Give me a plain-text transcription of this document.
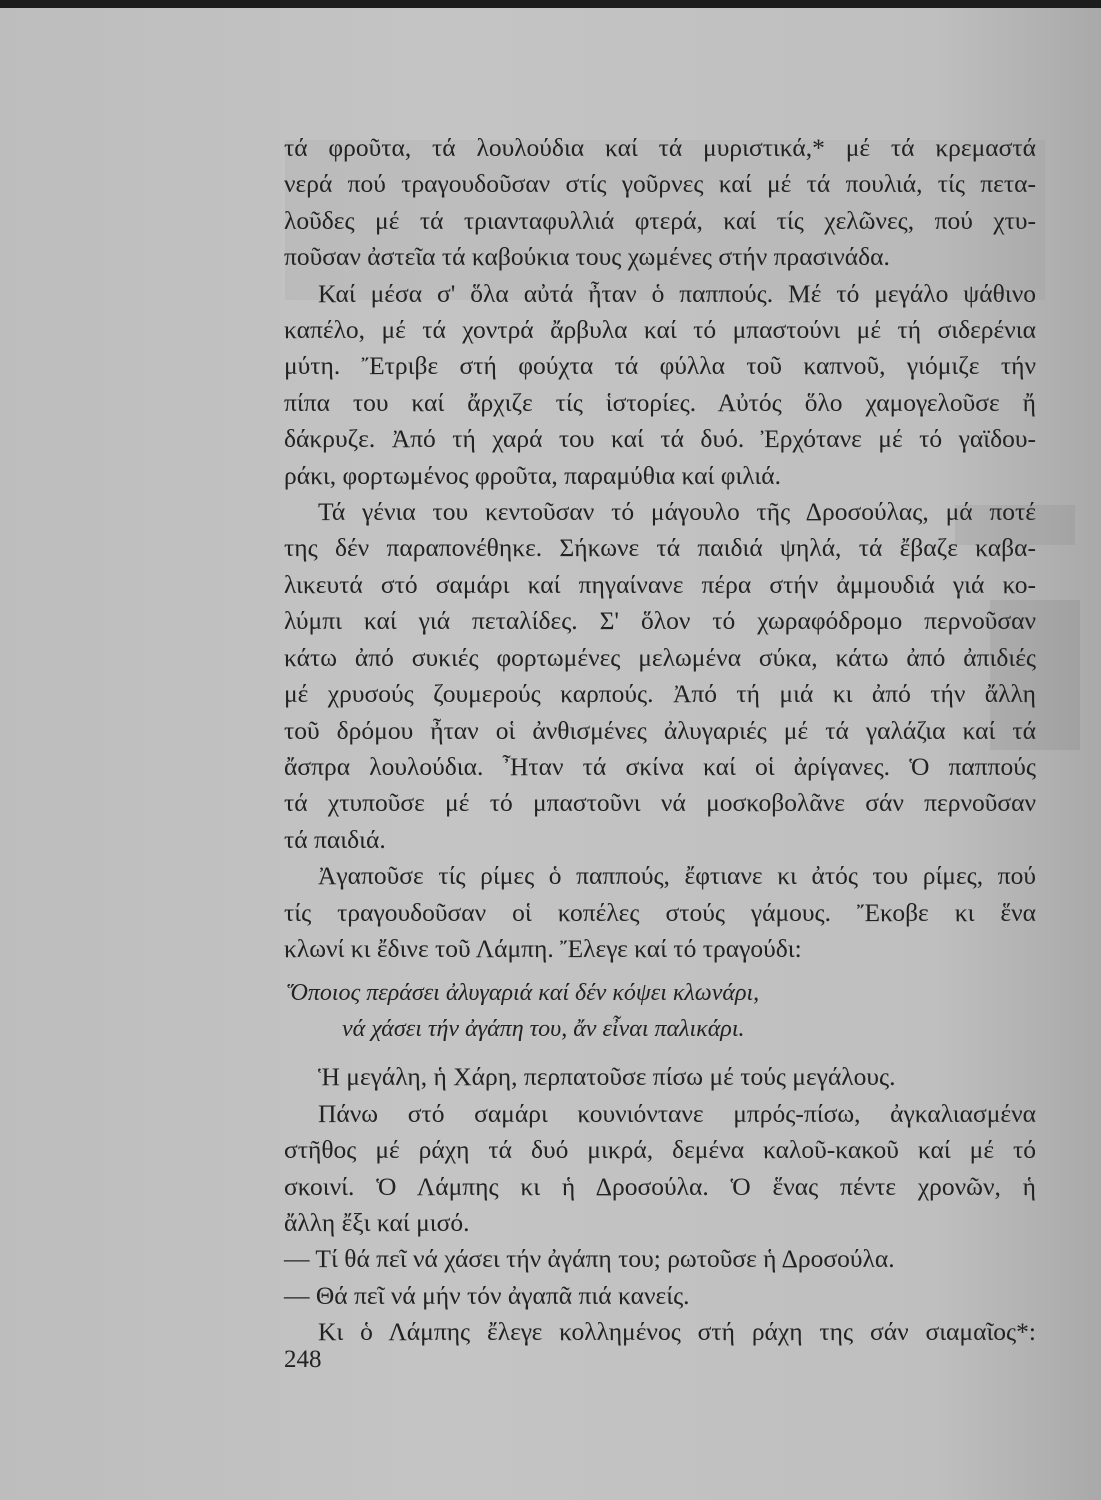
τά φροῦτα, τά λουλούδια καί τά μυριστικά,* μέ τά κρεμαστά
νερά πού τραγουδοῦσαν στίς γοῦρνες καί μέ τά πουλιά, τίς πετα-
λοῦδες μέ τά τριανταφυλλιά φτερά, καί τίς χελῶνες, πού χτυ-
ποῦσαν ἀστεῖα τά καβούκια τους χωμένες στήν πρασινάδα.
Καί μέσα σ' ὅλα αὐτά ἦταν ὁ παππούς. Μέ τό μεγάλο ψάθινο
καπέλο, μέ τά χοντρά ἄρβυλα καί τό μπαστούνι μέ τή σιδερένια
μύτη. Ἔτριβε στή φούχτα τά φύλλα τοῦ καπνοῦ, γιόμιζε τήν
πίπα του καί ἄρχιζε τίς ἱστορίες. Αὐτός ὅλο χαμογελοῦσε ἤ
δάκρυζε. Ἀπό τή χαρά του καί τά δυό. Ἐρχότανε μέ τό γαϊδου-
ράκι, φορτωμένος φροῦτα, παραμύθια καί φιλιά.
Τά γένια του κεντοῦσαν τό μάγουλο τῆς Δροσούλας, μά ποτέ
της δέν παραπονέθηκε. Σήκωνε τά παιδιά ψηλά, τά ἔβαζε καβα-
λικευτά στό σαμάρι καί πηγαίνανε πέρα στήν ἀμμουδιά γιά κο-
λύμπι καί γιά πεταλίδες. Σ' ὅλον τό χωραφόδρομο περνοῦσαν
κάτω ἀπό συκιές φορτωμένες μελωμένα σύκα, κάτω ἀπό ἀπιδιές
μέ χρυσούς ζουμερούς καρπούς. Ἀπό τή μιά κι ἀπό τήν ἄλλη
τοῦ δρόμου ἦταν οἱ ἀνθισμένες ἀλυγαριές μέ τά γαλάζια καί τά
ἄσπρα λουλούδια. Ἦταν τά σκίνα καί οἱ ἀρίγανες. Ὁ παππούς
τά χτυποῦσε μέ τό μπαστοῦνι νά μοσκοβολᾶνε σάν περνοῦσαν
τά παιδιά.
Ἀγαποῦσε τίς ρίμες ὁ παππούς, ἔφτιανε κι ἀτός του ρίμες, πού
τίς τραγουδοῦσαν οἱ κοπέλες στούς γάμους. Ἔκοβε κι ἕνα
κλωνί κι ἔδινε τοῦ Λάμπη. Ἔλεγε καί τό τραγούδι:
Ὅποιος περάσει ἀλυγαριά καί δέν κόψει κλωνάρι,
νά χάσει τήν ἀγάπη του, ἄν εἶναι παλικάρι.
Ἡ μεγάλη, ἡ Χάρη, περπατοῦσε πίσω μέ τούς μεγάλους.
Πάνω στό σαμάρι κουνιόντανε μπρός-πίσω, ἀγκαλιασμένα
στῆθος μέ ράχη τά δυό μικρά, δεμένα καλοῦ-κακοῦ καί μέ τό
σκοινί. Ὁ Λάμπης κι ἡ Δροσούλα. Ὁ ἕνας πέντε χρονῶν, ἡ
ἄλλη ἔξι καί μισό.
— Τί θά πεῖ νά χάσει τήν ἀγάπη του; ρωτοῦσε ἡ Δροσούλα.
— Θά πεῖ νά μήν τόν ἀγαπᾶ πιά κανείς.
Κι ὁ Λάμπης ἔλεγε κολλημένος στή ράχη της σάν σιαμαῖος*:
248
